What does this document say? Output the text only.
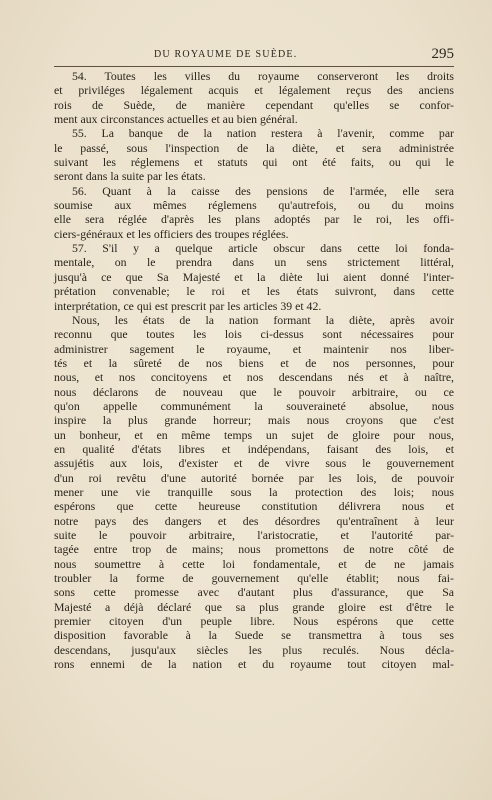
DU ROYAUME DE SUÈDE.	295
54. Toutes les villes du royaume conserveront les droits
et priviléges légalement acquis et légalement reçus des anciens
rois de Suède, de manière cependant qu'elles se confor-
ment aux circonstances actuelles et au bien général.
55. La banque de la nation restera à l'avenir, comme par
le passé, sous l'inspection de la diète, et sera administrée
suivant les réglemens et statuts qui ont été faits, ou qui le
seront dans la suite par les états.
56. Quant à la caisse des pensions de l'armée, elle sera
soumise aux mêmes réglemens qu'autrefois, ou du moins
elle sera réglée d'après les plans adoptés par le roi, les offi-
ciers-généraux et les officiers des troupes réglées.
57. S'il y a quelque article obscur dans cette loi fonda-
mentale, on le prendra dans un sens strictement littéral,
jusqu'à ce que Sa Majesté et la diète lui aient donné l'inter-
prétation convenable; le roi et les états suivront, dans cette
interprétation, ce qui est prescrit par les articles 39 et 42.
Nous, les états de la nation formant la diète, après avoir
reconnu que toutes les lois ci-dessus sont nécessaires pour
administrer sagement le royaume, et maintenir nos liber-
tés et la sûreté de nos biens et de nos personnes, pour
nous, et nos concitoyens et nos descendans nés et à naître,
nous déclarons de nouveau que le pouvoir arbitraire, ou ce
qu'on appelle communément la souveraineté absolue, nous
inspire la plus grande horreur; mais nous croyons que c'est
un bonheur, et en même temps un sujet de gloire pour nous,
en qualité d'états libres et indépendans, faisant des lois, et
assujétis aux lois, d'exister et de vivre sous le gouvernement
d'un roi revêtu d'une autorité bornée par les lois, de pouvoir
mener une vie tranquille sous la protection des lois; nous
espérons que cette heureuse constitution délivrera nous et
notre pays des dangers et des désordres qu'entraînent à leur
suite le pouvoir arbitraire, l'aristocratie, et l'autorité par-
tagée entre trop de mains; nous promettons de notre côté de
nous soumettre à cette loi fondamentale, et de ne jamais
troubler la forme de gouvernement qu'elle établit; nous fai-
sons cette promesse avec d'autant plus d'assurance, que Sa
Majesté a déjà déclaré que sa plus grande gloire est d'être le
premier citoyen d'un peuple libre. Nous espérons que cette
disposition favorable à la Suede se transmettra à tous ses
descendans, jusqu'aux siècles les plus reculés. Nous décla-
rons ennemi de la nation et du royaume tout citoyen mal-
